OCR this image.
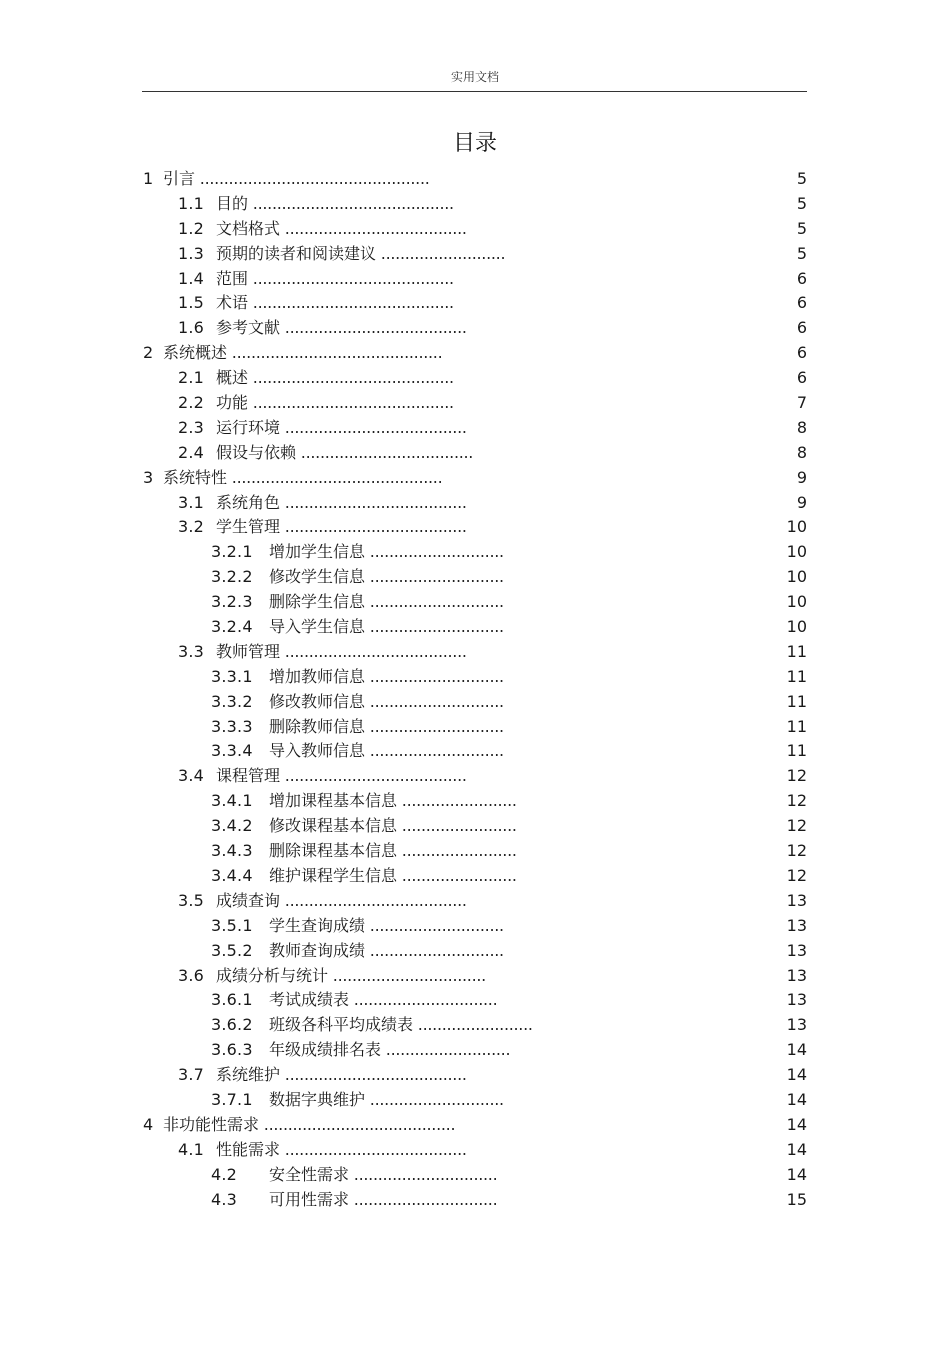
实用文档
目录
1 引言 ................................................	5
1.1 目的 ..........................................	5
1.2 文档格式 ......................................	5
1.3 预期的读者和阅读建议 ..........................	5
1.4 范围 ..........................................	6
1.5 术语 ..........................................	6
1.6 参考文献 ......................................	6
2 系统概述 ............................................	6
2.1 概述 ..........................................	6
2.2 功能 ..........................................	7
2.3 运行环境 ......................................	8
2.4 假设与依赖 ....................................	8
3 系统特性 ............................................	9
3.1 系统角色 ......................................	9
3.2 学生管理 ......................................	10
3.2.1 增加学生信息 ............................	10
3.2.2 修改学生信息 ............................	10
3.2.3 删除学生信息 ............................	10
3.2.4 导入学生信息 ............................	10
3.3 教师管理 ......................................	11
3.3.1 增加教师信息 ............................	11
3.3.2 修改教师信息 ............................	11
3.3.3 删除教师信息 ............................	11
3.3.4 导入教师信息 ............................	11
3.4 课程管理 ......................................	12
3.4.1 增加课程基本信息 ........................	12
3.4.2 修改课程基本信息 ........................	12
3.4.3 删除课程基本信息 ........................	12
3.4.4 维护课程学生信息 ........................	12
3.5 成绩查询 ......................................	13
3.5.1 学生查询成绩 ............................	13
3.5.2 教师查询成绩 ............................	13
3.6 成绩分析与统计 ................................	13
3.6.1 考试成绩表 ..............................	13
3.6.2 班级各科平均成绩表 ........................	13
3.6.3 年级成绩排名表 ..........................	14
3.7 系统维护 ......................................	14
3.7.1 数据字典维护 ............................	14
4 非功能性需求 ........................................	14
4.1 性能需求 ......................................	14
4.2 安全性需求 ..............................	14
4.3 可用性需求 ..............................	15
